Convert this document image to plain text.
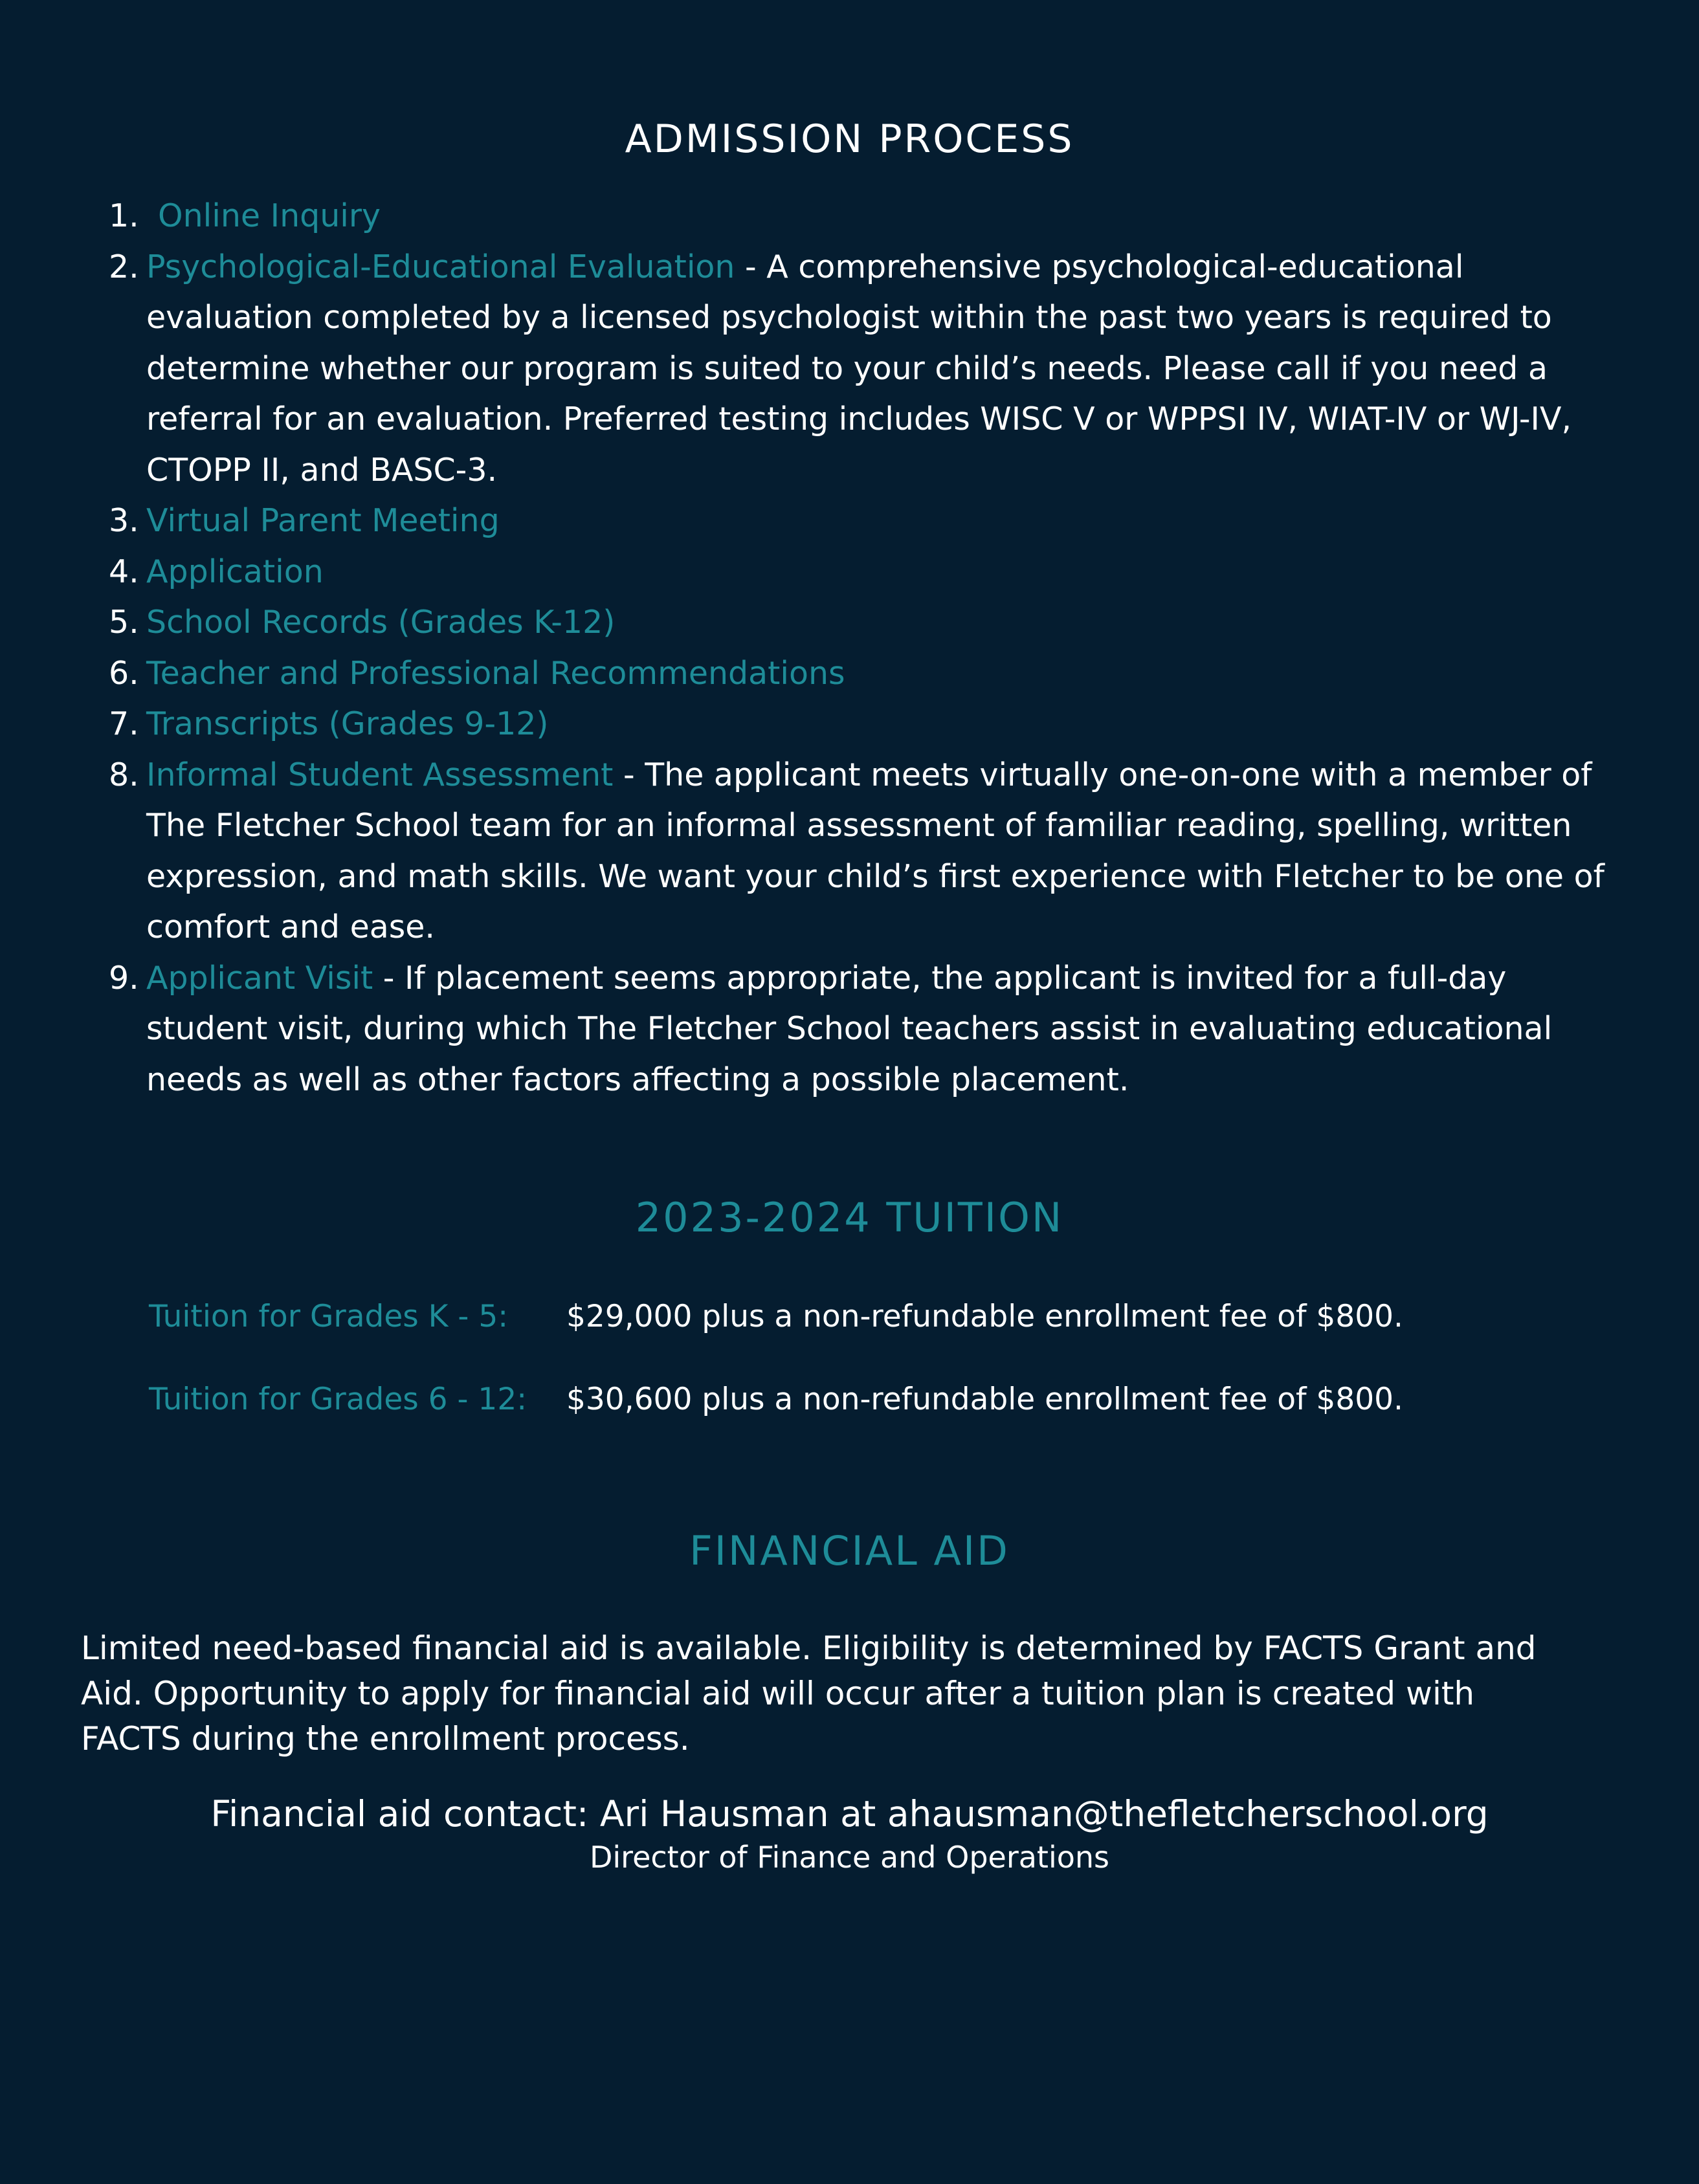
ADMISSION PROCESS
1. Online Inquiry
2. Psychological-Educational Evaluation - A comprehensive psychological-educational evaluation completed by a licensed psychologist within the past two years is required to determine whether our program is suited to your child’s needs. Please call if you need a referral for an evaluation. Preferred testing includes WISC V or WPPSI IV, WIAT-IV or WJ-IV, CTOPP II, and BASC-3.
3. Virtual Parent Meeting
4. Application
5. School Records (Grades K-12)
6. Teacher and Professional Recommendations
7. Transcripts (Grades 9-12)
8. Informal Student Assessment - The applicant meets virtually one-on-one with a member of The Fletcher School team for an informal assessment of familiar reading, spelling, written expression, and math skills. We want your child’s first experience with Fletcher to be one of comfort and ease.
9. Applicant Visit - If placement seems appropriate, the applicant is invited for a full-day student visit, during which The Fletcher School teachers assist in evaluating educational needs as well as other factors affecting a possible placement.
2023-2024 TUITION
Tuition for Grades K - 5: $29,000 plus a non-refundable enrollment fee of $800.
Tuition for Grades 6 - 12: $30,600 plus a non-refundable enrollment fee of $800.
FINANCIAL AID

Limited need-based financial aid is available. Eligibility is determined by FACTS Grant and Aid. Opportunity to apply for financial aid will occur after a tuition plan is created with FACTS during the enrollment process.

Financial aid contact: Ari Hausman at ahausman@thefletcherschool.org
Director of Finance and Operations
